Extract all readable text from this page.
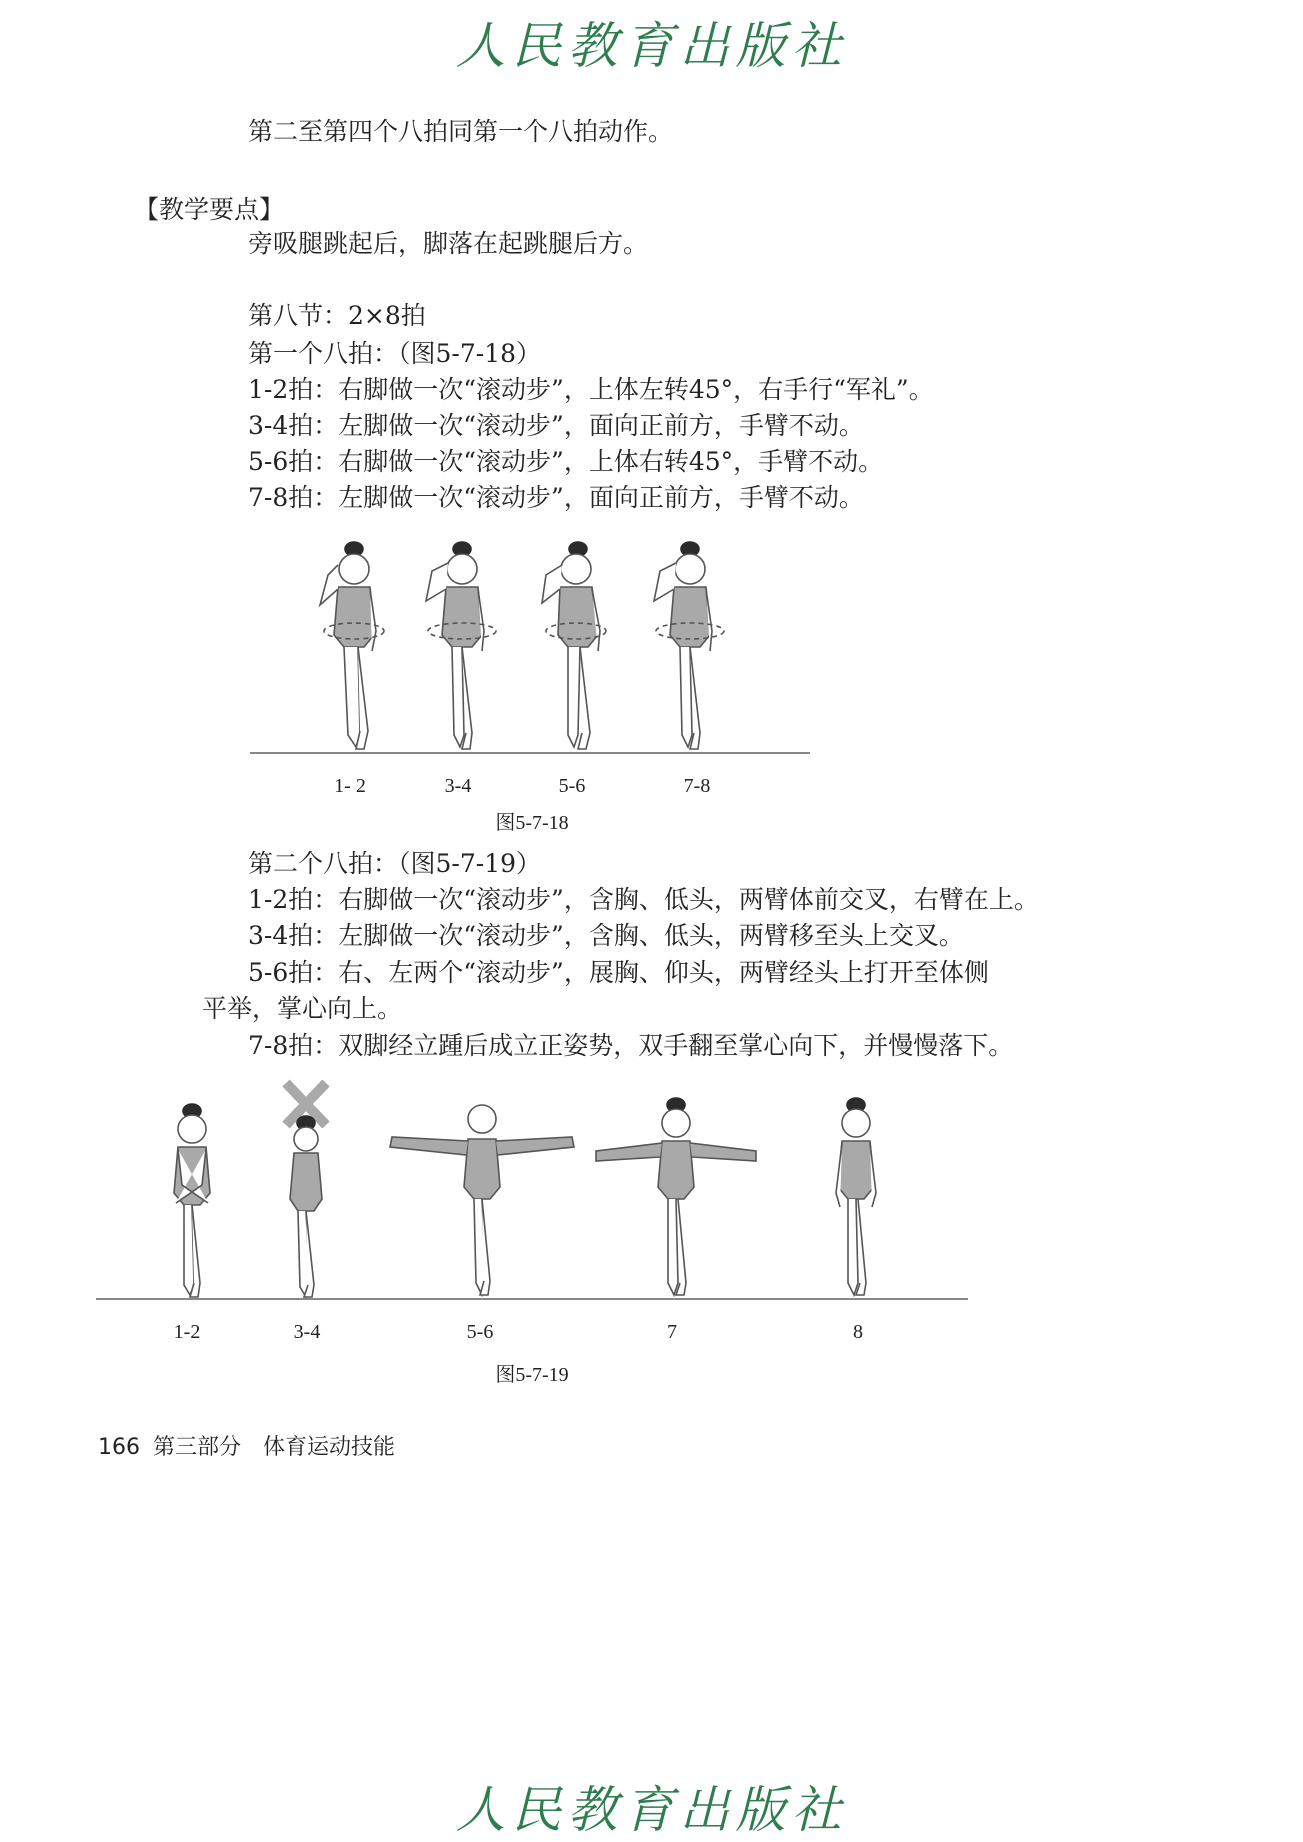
人民教育出版社
第二至第四个八拍同第一个八拍动作。
【教学要点】
旁吸腿跳起后，脚落在起跳腿后方。
第八节：2×8拍
第一个八拍：（图5-7-18）
1-2拍：右脚做一次“滚动步”，上体左转45°，右手行“军礼”。
3-4拍：左脚做一次“滚动步”，面向正前方，手臂不动。
5-6拍：右脚做一次“滚动步”，上体右转45°，手臂不动。
7-8拍：左脚做一次“滚动步”，面向正前方，手臂不动。
1- 2	3-4	5-6	7-8
图5-7-18
第二个八拍：（图5-7-19）
1-2拍：右脚做一次“滚动步”，含胸、低头，两臂体前交叉，右臂在上。
3-4拍：左脚做一次“滚动步”，含胸、低头，两臂移至头上交叉。
5-6拍：右、左两个“滚动步”，展胸、仰头，两臂经头上打开至体侧
平举，掌心向上。
7-8拍：双脚经立踵后成立正姿势，双手翻至掌心向下，并慢慢落下。
1-2	3-4	5-6	7	8
图5-7-19
166 第三部分　体育运动技能
人民教育出版社
